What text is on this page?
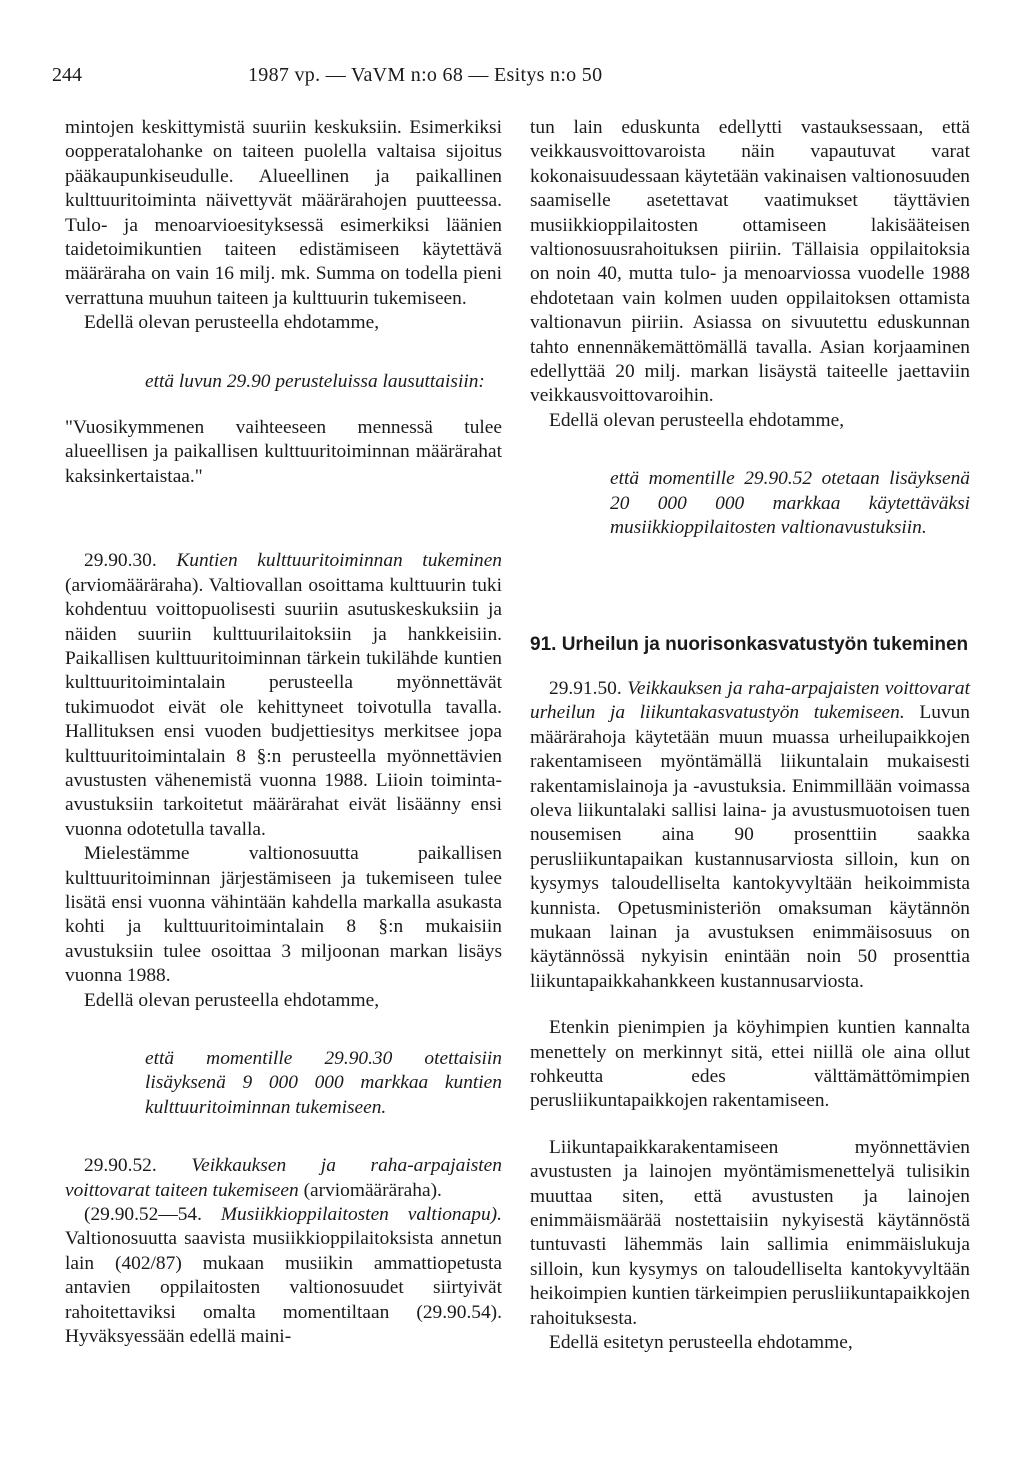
244	1987 vp. — VaVM n:o 68 — Esitys n:o 50

mintojen keskittymistä suuriin keskuksiin. Esimerkiksi oopperatalohanke on taiteen puolella valtaisa sijoitus pääkaupunkiseudulle. Alueellinen ja paikallinen kulttuuritoiminta näivettyvät määrärahojen puutteessa. Tulo- ja menoarvioesityksessä esimerkiksi läänien taidetoimikuntien taiteen edistämiseen käytettävä määräraha on vain 16 milj. mk. Summa on todella pieni verrattuna muuhun taiteen ja kulttuurin tukemiseen.

Edellä olevan perusteella ehdotamme,

että luvun 29.90 perusteluissa lausuttaisiin:

"Vuosikymmenen vaihteeseen mennessä tulee alueellisen ja paikallisen kulttuuritoiminnan määrärahat kaksinkertaistaa."

29.90.30. Kuntien kulttuuritoiminnan tukeminen (arviomääräraha). Valtiovallan osoittama kulttuurin tuki kohdentuu voittopuolisesti suuriin asutuskeskuksiin ja näiden suuriin kulttuurilaitoksiin ja hankkeisiin. Paikallisen kulttuuritoiminnan tärkein tukilähde kuntien kulttuuritoimintalain perusteella myönnettävät tukimuodot eivät ole kehittyneet toivotulla tavalla. Hallituksen ensi vuoden budjettiesitys merkitsee jopa kulttuuritoimintalain 8 §:n perusteella myönnettävien avustusten vähenemistä vuonna 1988. Liioin toiminta-avustuksiin tarkoitetut määrärahat eivät lisäänny ensi vuonna odotetulla tavalla.

Mielestämme valtionosuutta paikallisen kulttuuritoiminnan järjestämiseen ja tukemiseen tulee lisätä ensi vuonna vähintään kahdella markalla asukasta kohti ja kulttuuritoimintalain 8 §:n mukaisiin avustuksiin tulee osoittaa 3 miljoonan markan lisäys vuonna 1988.

Edellä olevan perusteella ehdotamme,

että momentille 29.90.30 otettaisiin lisäyksenä 9 000 000 markkaa kuntien kulttuuritoiminnan tukemiseen.

29.90.52. Veikkauksen ja raha-arpajaisten voittovarat taiteen tukemiseen (arviomääräraha).

(29.90.52—54. Musiikkioppilaitosten valtionapu). Valtionosuutta saavista musiikkioppilaitoksista annetun lain (402/87) mukaan musiikin ammattiopetusta antavien oppilaitosten valtionosuudet siirtyivät rahoitettaviksi omalta momentiltaan (29.90.54). Hyväksyessään edellä maini-

tun lain eduskunta edellytti vastauksessaan, että veikkausvoittovaroista näin vapautuvat varat kokonaisuudessaan käytetään vakinaisen valtionosuuden saamiselle asetettavat vaatimukset täyttävien musiikkioppilaitosten ottamiseen lakisääteisen valtionosuusrahoituksen piiriin. Tällaisia oppilaitoksia on noin 40, mutta tulo- ja menoarviossa vuodelle 1988 ehdotetaan vain kolmen uuden oppilaitoksen ottamista valtionavun piiriin. Asiassa on sivuutettu eduskunnan tahto ennennäkemättömällä tavalla. Asian korjaaminen edellyttää 20 milj. markan lisäystä taiteelle jaettaviin veikkausvoittovaroihin.

Edellä olevan perusteella ehdotamme,

että momentille 29.90.52 otetaan lisäyksenä 20 000 000 markkaa käytettäväksi musiikkioppilaitosten valtionavustuksiin.

91. Urheilun ja nuorisonkasvatustyön tukeminen

29.91.50. Veikkauksen ja raha-arpajaisten voittovarat urheilun ja liikuntakasvatustyön tukemiseen. Luvun määrärahoja käytetään muun muassa urheilupaikkojen rakentamiseen myöntämällä liikuntalain mukaisesti rakentamislainoja ja -avustuksia. Enimmillään voimassa oleva liikuntalaki sallisi laina- ja avustusmuotoisen tuen nousemisen aina 90 prosenttiin saakka perusliikuntapaikan kustannusarviosta silloin, kun on kysymys taloudelliselta kantokyvyltään heikoimmista kunnista. Opetusministeriön omaksuman käytännön mukaan lainan ja avustuksen enimmäisosuus on käytännössä nykyisin enintään noin 50 prosenttia liikuntapaikkahankkeen kustannusarviosta.

Etenkin pienimpien ja köyhimpien kuntien kannalta menettely on merkinnyt sitä, ettei niillä ole aina ollut rohkeutta edes välttämättömimpien perusliikuntapaikkojen rakentamiseen.

Liikuntapaikkarakentamiseen myönnettävien avustusten ja lainojen myöntämismenettelyä tulisikin muuttaa siten, että avustusten ja lainojen enimmäismäärää nostettaisiin nykyisestä käytännöstä tuntuvasti lähemmäs lain sallimia enimmäislukuja silloin, kun kysymys on taloudelliselta kantokyvyltään heikoimpien kuntien tärkeimpien perusliikuntapaikkojen rahoituksesta.

Edellä esitetyn perusteella ehdotamme,
